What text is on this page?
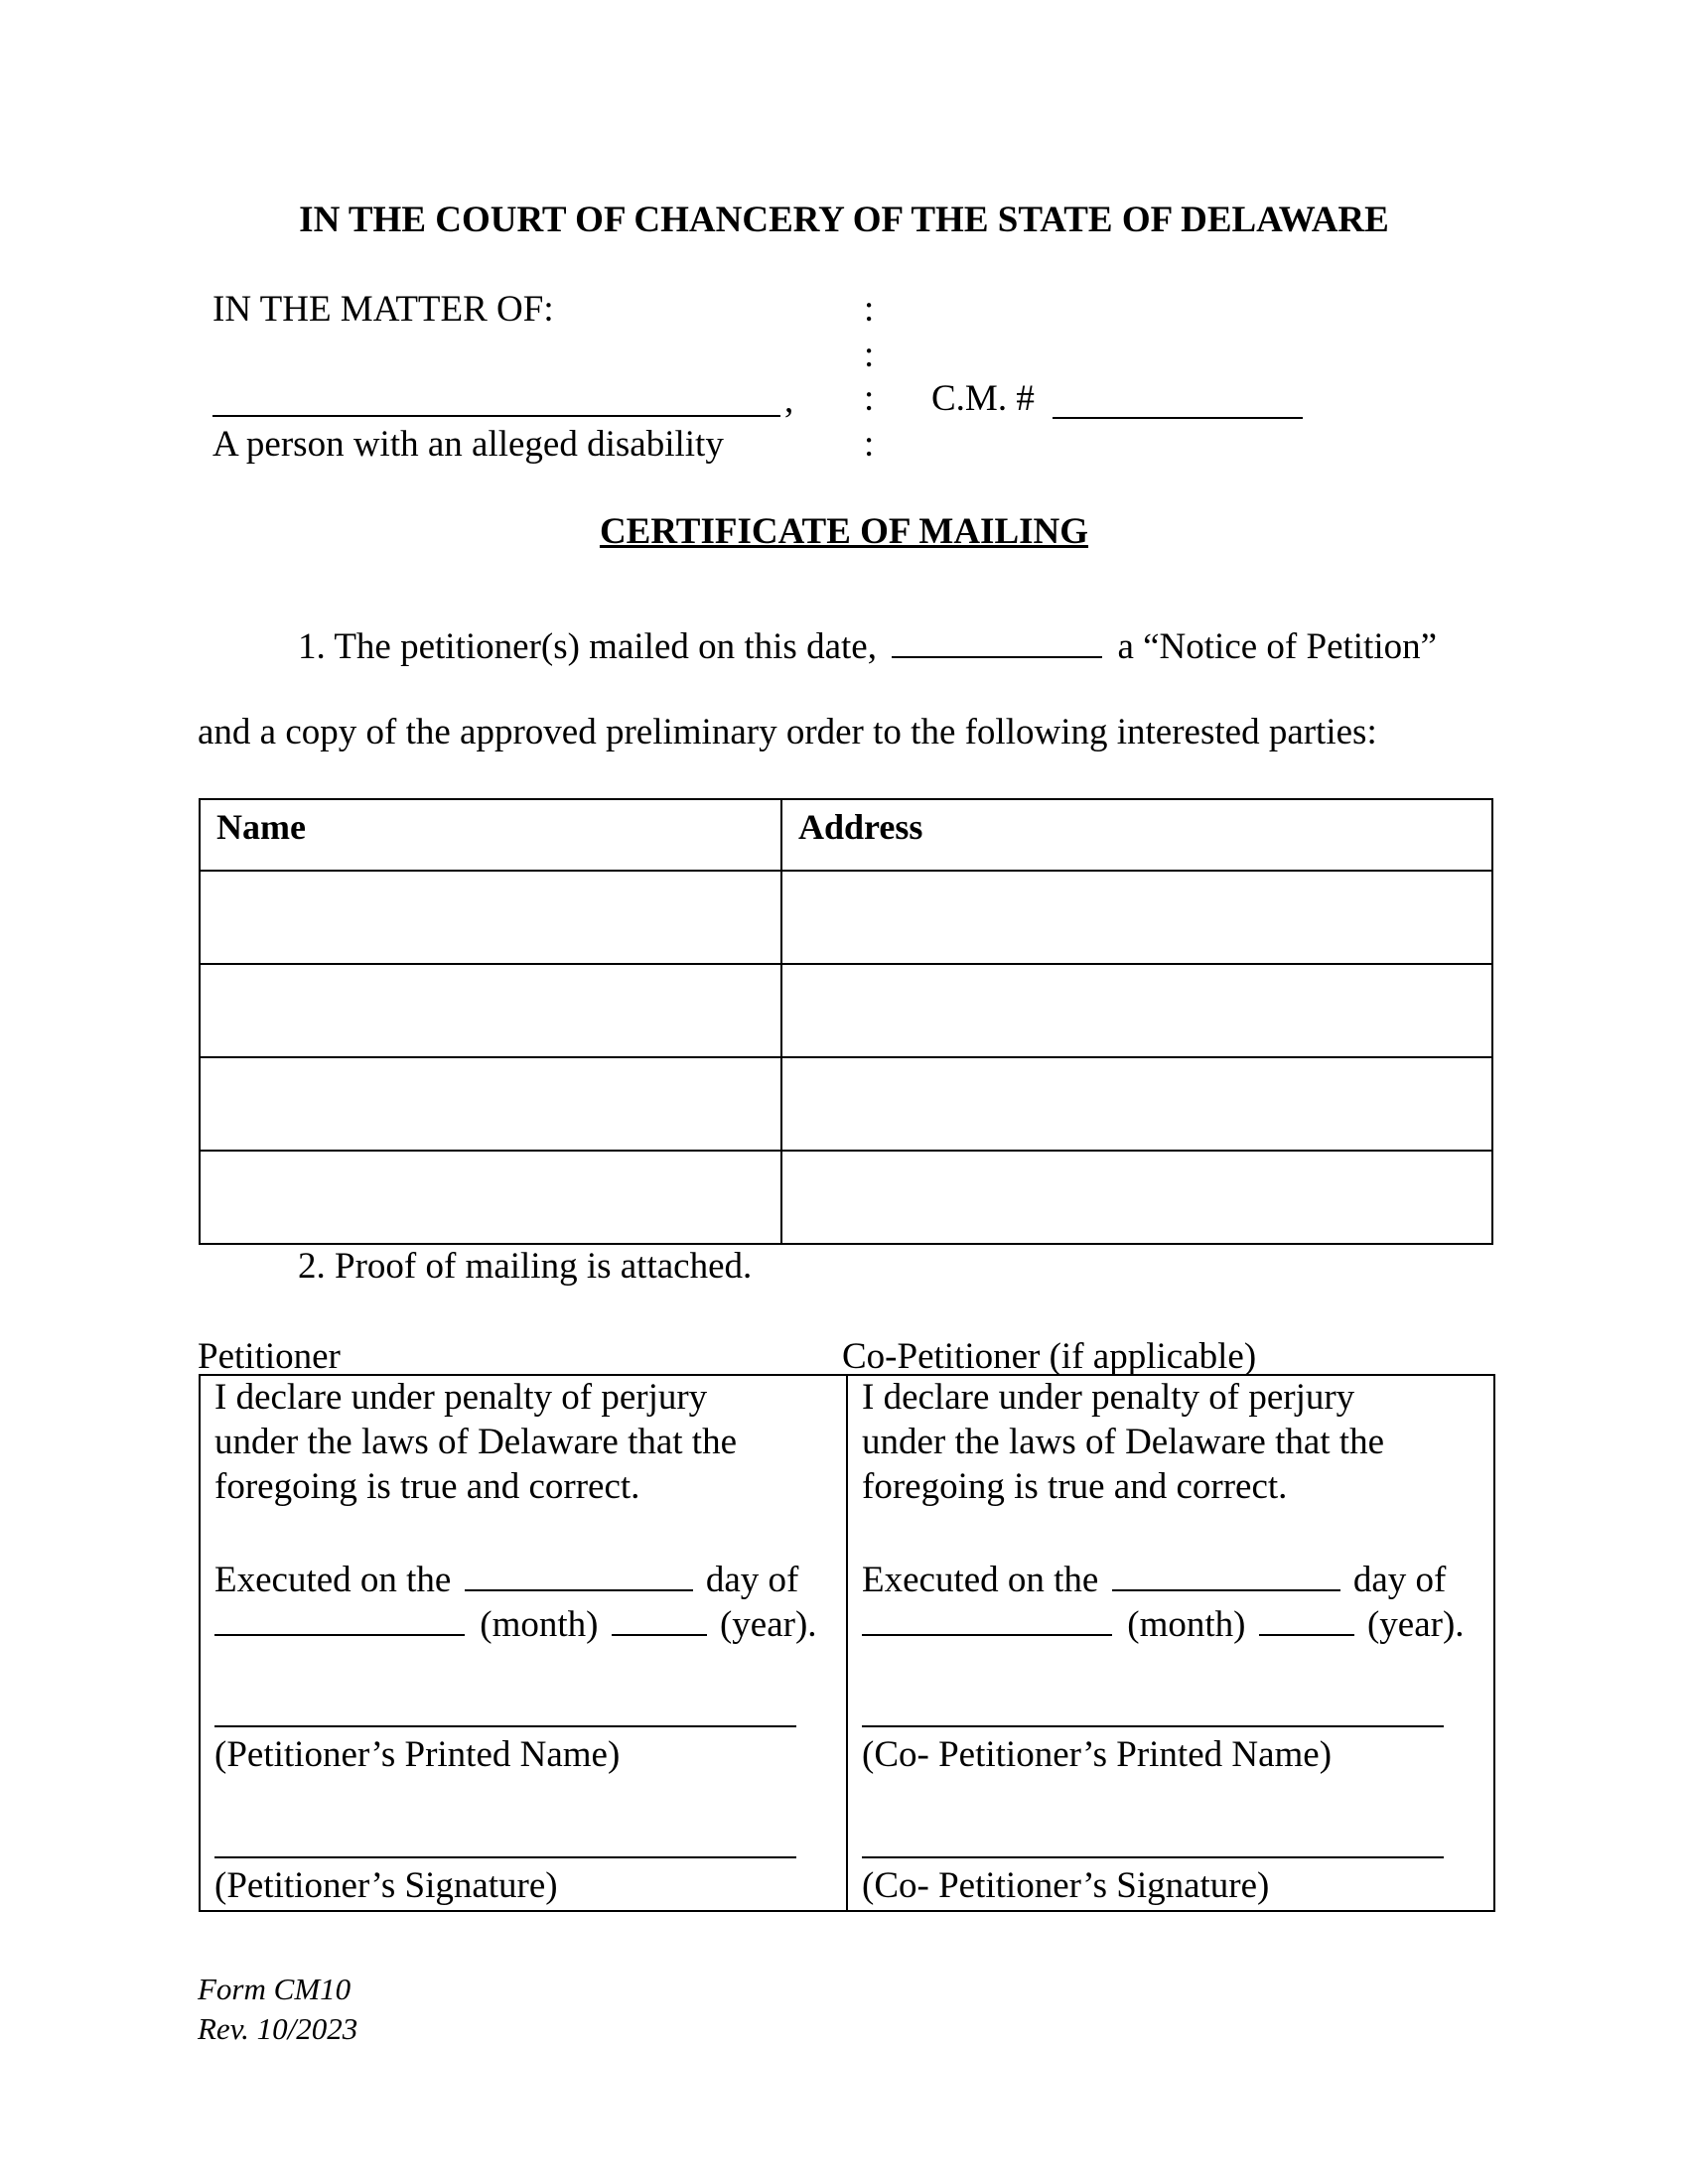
IN THE COURT OF CHANCERY OF THE STATE OF DELAWARE
IN THE MATTER OF:	:
:
:
:
,
A person with an alleged disability
C.M. #
CERTIFICATE OF MAILING
1. The petitioner(s) mailed on this date,	a “Notice of Petition”
and a copy of the approved preliminary order to the following interested parties:
Name	Address

2. Proof of mailing is attached.
Petitioner	Co-Petitioner (if applicable)
I declare under penalty of perjury
under the laws of Delaware that the
foregoing is true and correct.
Executed on the	day of
(month)	(year).
(Petitioner’s Printed Name)
(Petitioner’s Signature)
I declare under penalty of perjury
under the laws of Delaware that the
foregoing is true and correct.
Executed on the	day of
(month)	(year).
(Co- Petitioner’s Printed Name)
(Co- Petitioner’s Signature)
Form CM10
Rev. 10/2023
